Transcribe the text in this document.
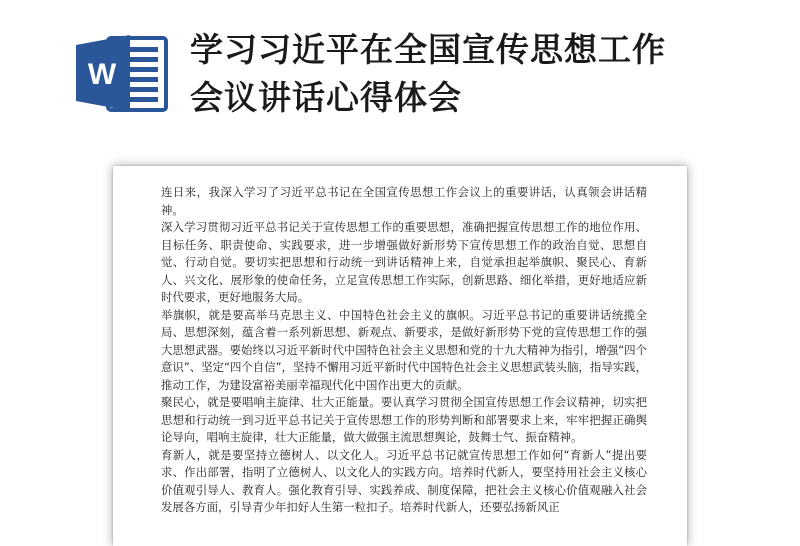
W
学习习近平在全国宣传思想工作
会议讲话心得体会

连日来，我深入学习了习近平总书记在全国宣传思想工作会议上的重要讲话，认真领会讲话精神。

深入学习贯彻习近平总书记关于宣传思想工作的重要思想，准确把握宣传思想工作的地位作用、目标任务、职责使命、实践要求，进一步增强做好新形势下宣传思想工作的政治自觉、思想自觉、行动自觉。要切实把思想和行动统一到讲话精神上来，自觉承担起举旗帜、聚民心、育新人、兴文化、展形象的使命任务，立足宣传思想工作实际，创新思路、细化举措，更好地适应新时代要求，更好地服务大局。

举旗帜，就是要高举马克思主义、中国特色社会主义的旗帜。习近平总书记的重要讲话统揽全局、思想深刻，蕴含着一系列新思想、新观点、新要求，是做好新形势下党的宣传思想工作的强大思想武器。要始终以习近平新时代中国特色社会主义思想和党的十九大精神为指引，增强“四个意识”、坚定“四个自信”，坚持不懈用习近平新时代中国特色社会主义思想武装头脑，指导实践，推动工作，为建设富裕美丽幸福现代化中国作出更大的贡献。

聚民心，就是要唱响主旋律、壮大正能量。要认真学习贯彻全国宣传思想工作会议精神，切实把思想和行动统一到习近平总书记关于宣传思想工作的形势判断和部署要求上来，牢牢把握正确舆论导向，唱响主旋律，壮大正能量，做大做强主流思想舆论，鼓舞士气、振奋精神。

育新人，就是要坚持立德树人、以文化人。习近平总书记就宣传思想工作如何“育新人”提出要求、作出部署，指明了立德树人、以文化人的实践方向。培养时代新人，要坚持用社会主义核心价值观引导人、教育人。强化教育引导、实践养成、制度保障，把社会主义核心价值观融入社会发展各方面，引导青少年扣好人生第一粒扣子。培养时代新人，还要弘扬新风正
